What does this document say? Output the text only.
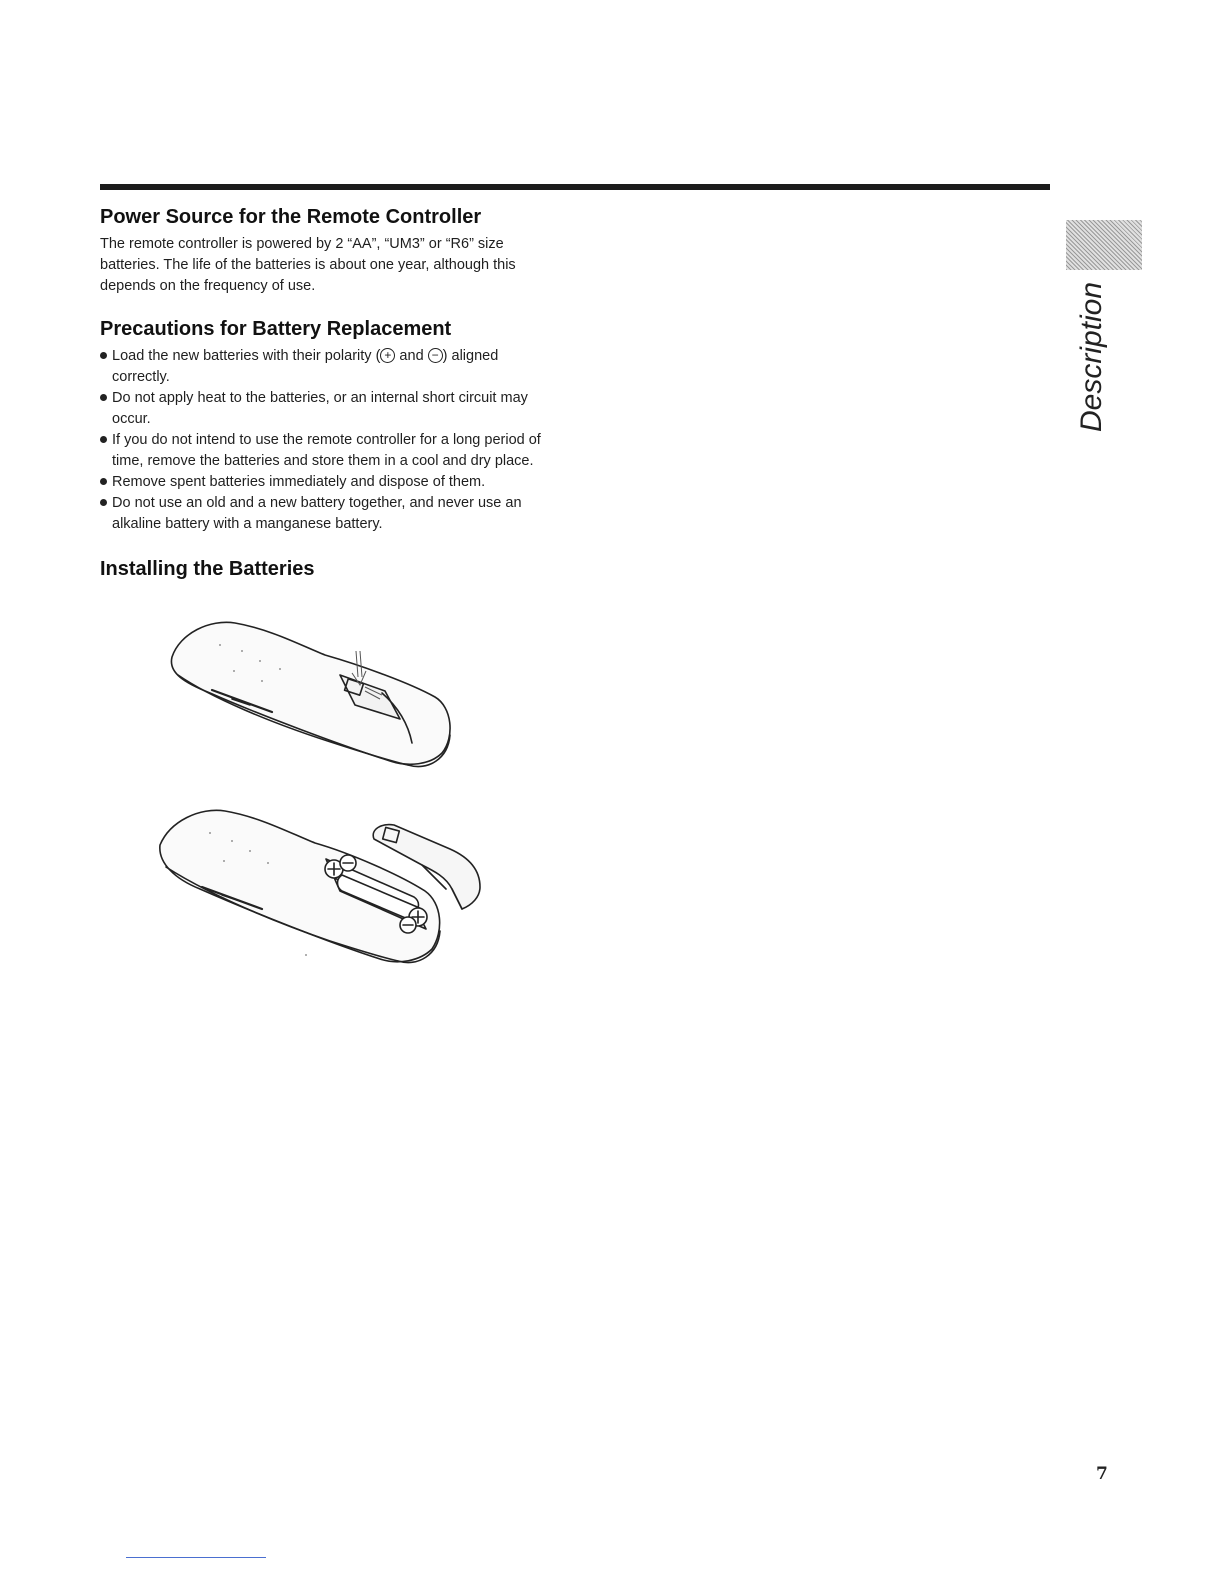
Power Source for the Remote Controller

The remote controller is powered by 2 “AA”, “UM3” or “R6” size batteries. The life of the batteries is about one year, although this depends on the frequency of use.

Precautions for Battery Replacement
Load the new batteries with their polarity ( + and − ) aligned correctly.
Do not apply heat to the batteries, or an internal short circuit may occur.
If you do not intend to use the remote controller for a long period of time, remove the batteries and store them in a cool and dry place.
Remove spent batteries immediately and dispose of them.
Do not use an old and a new battery together, and never use an alkaline battery with a manganese battery.
Installing the Batteries
Description
7
